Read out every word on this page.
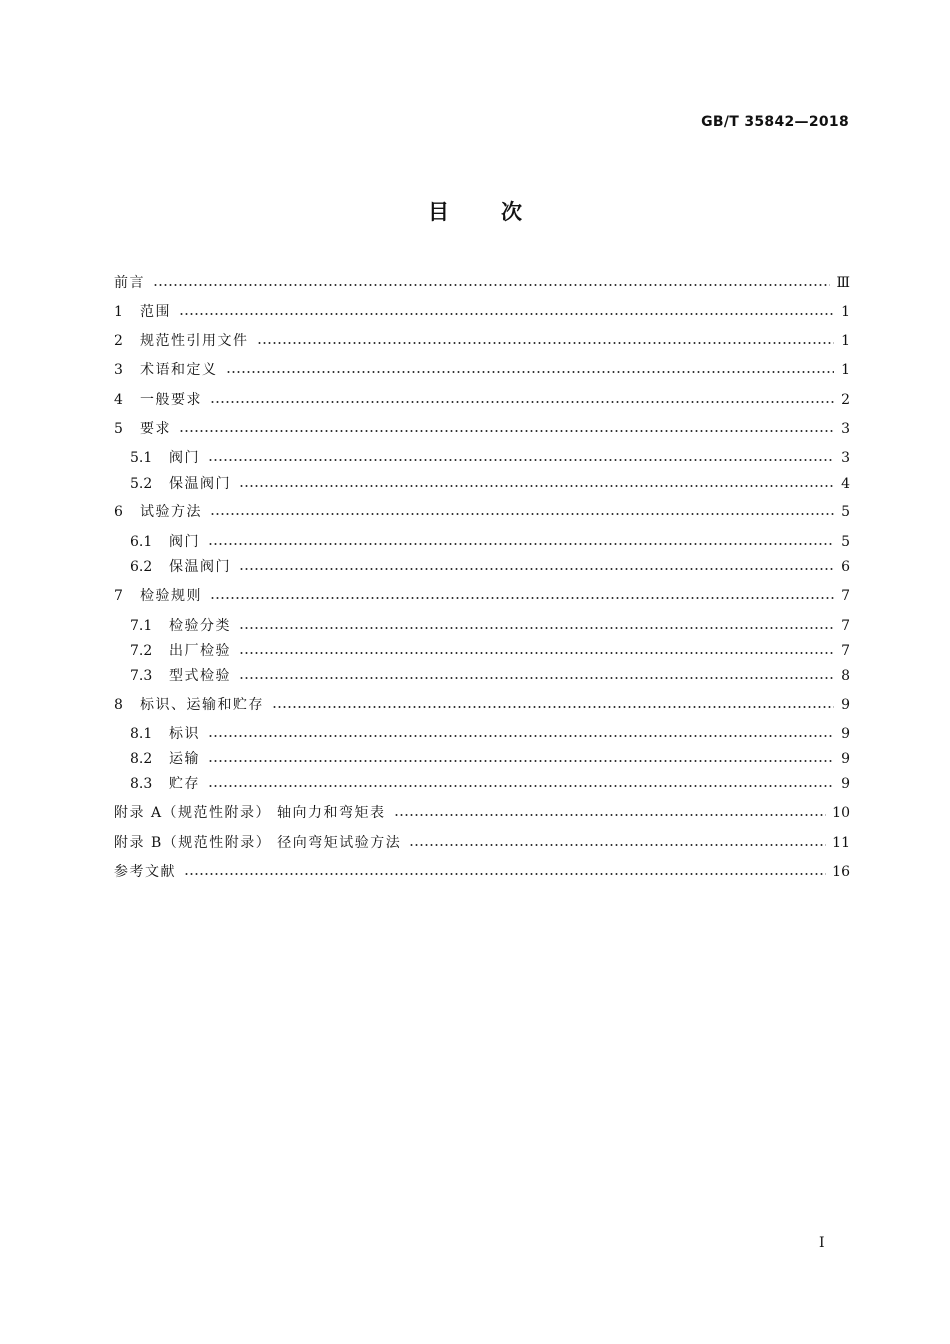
GB/T 35842—2018
目次
前言	Ⅲ
1	范围	1
2	规范性引用文件	1
3	术语和定义	1
4	一般要求	2
5	要求	3
5.1	阀门	3
5.2	保温阀门	4
6	试验方法	5
6.1	阀门	5
6.2	保温阀门	6
7	检验规则	7
7.1	检验分类	7
7.2	出厂检验	7
7.3	型式检验	8
8	标识、运输和贮存	9
8.1	标识	9
8.2	运输	9
8.3	贮存	9
附录 A（规范性附录） 轴向力和弯矩表	10
附录 B（规范性附录） 径向弯矩试验方法	11
参考文献	16
I
